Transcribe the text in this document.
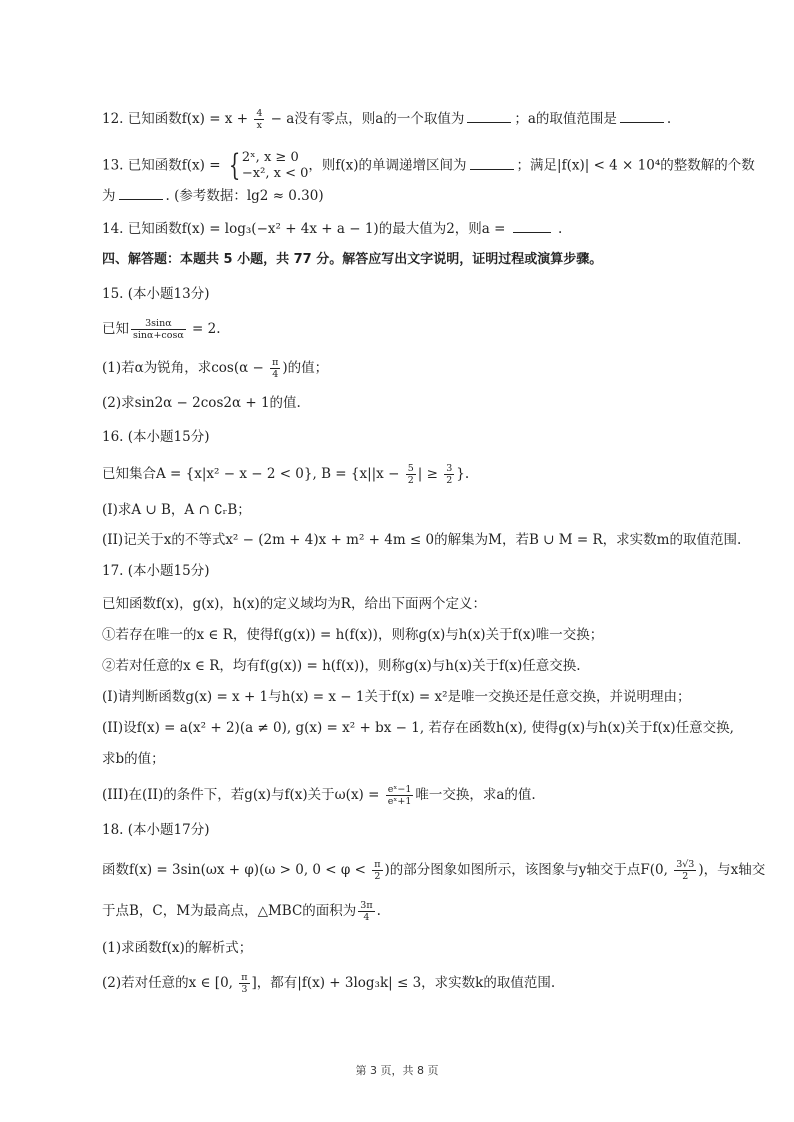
12. 已知函数$f(x) = x + \frac{4}{x} - a$没有零点，则a的一个取值为	；a的取值范围是	.
13. 已知函数f(x) = { 2ˣ, x ≥ 0
−x², x < 0 ，则f(x)的单调递增区间为	；满足|f(x)| < 4 × 10⁴的整数解的个数
为	. (参考数据：lg2 ≈ 0.30)
14. 已知函数f(x) = log₃(−x² + 4x + a − 1)的最大值为2，则a =	.
四、解答题：本题共 5 小题，共 77 分。解答应写出文字说明，证明过程或演算步骤。
15. (本小题13分)
已知 $\frac{3\sin\alpha}{\sin\alpha+\cos\alpha} = 2$.
(1)若α为锐角，求$\cos(\alpha - \frac{\pi}{4}$ )的值；
(2)求sin2α − 2cos2α + 1的值.
16. (本小题15分)
已知集合A = {x|x² − x − 2 < 0}, $B = \{x||x - \frac{5}{2}$ | ≥ $\frac{3}{2}$ }.
(I)求A ∪ B，A ∩ ∁ᵣB；
(II)记关于x的不等式x² − (2m + 4)x + m² + 4m ≤ 0的解集为M，若B ∪ M = R，求实数m的取值范围.
17. (本小题15分)
已知函数f(x)，g(x)，h(x)的定义域均为R，给出下面两个定义：
①若存在唯一的x ∈ R，使得f(g(x)) = h(f(x))，则称g(x)与h(x)关于f(x)唯一交换；
②若对任意的x ∈ R，均有f(g(x)) = h(f(x))，则称g(x)与h(x)关于f(x)任意交换.
(I)请判断函数g(x) = x + 1与h(x) = x − 1关于f(x) = x²是唯一交换还是任意交换，并说明理由；
(II)设f(x) = a(x² + 2)(a ≠ 0), g(x) = x² + bx − 1, 若存在函数h(x), 使得g(x)与h(x)关于f(x)任意交换,
求b的值；
(III)在(II)的条件下，若g(x)与f(x)关于$\omega(x) = \frac{\text{eˣ−1}}{\text{eˣ+1}}$ 唯一交换，求a的值.
18. (本小题17分)
函数f(x) = 3sin(ωx + φ)(ω > 0, $0 < \varphi < \frac{\pi}{2}$ )的部分图象如图所示，该图象与y轴交于点F(0, $\frac{3√3}{2}$ )，与x轴交
于点B，C，M为最高点，△MBC的面积为 $\frac{3\pi}{4}$ .
(1)求函数f(x)的解析式；
(2)若对任意的x ∈ [0, $\frac{\pi}{3}$ ]，都有|f(x) + 3log₃k| ≤ 3，求实数k的取值范围.
第 3 页，共 8 页
